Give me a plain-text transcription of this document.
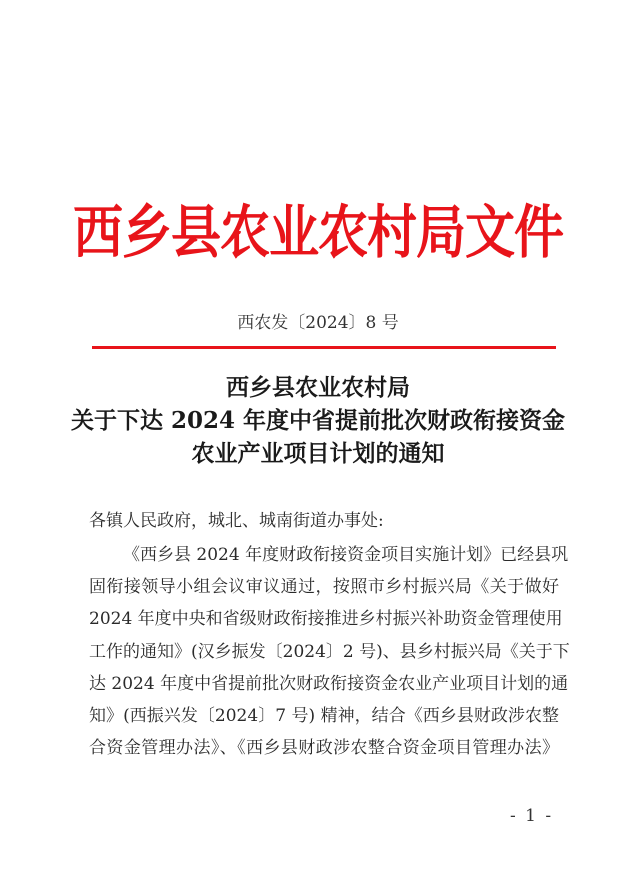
西乡县农业农村局文件
西农发〔2024〕8 号
西乡县农业农村局
关于下达 2024 年度中省提前批次财政衔接资金
农业产业项目计划的通知
各镇人民政府，城北、城南街道办事处:
《西乡县 2024 年度财政衔接资金项目实施计划》已经县巩
固衔接领导小组会议审议通过，按照市乡村振兴局《关于做好
2024 年度中央和省级财政衔接推进乡村振兴补助资金管理使用
工作的通知》(汉乡振发〔2024〕2 号)、县乡村振兴局《关于下
达 2024 年度中省提前批次财政衔接资金农业产业项目计划的通
知》(西振兴发〔2024〕7 号) 精神，结合《西乡县财政涉农整
合资金管理办法》、《西乡县财政涉农整合资金项目管理办法》
- 1 -
